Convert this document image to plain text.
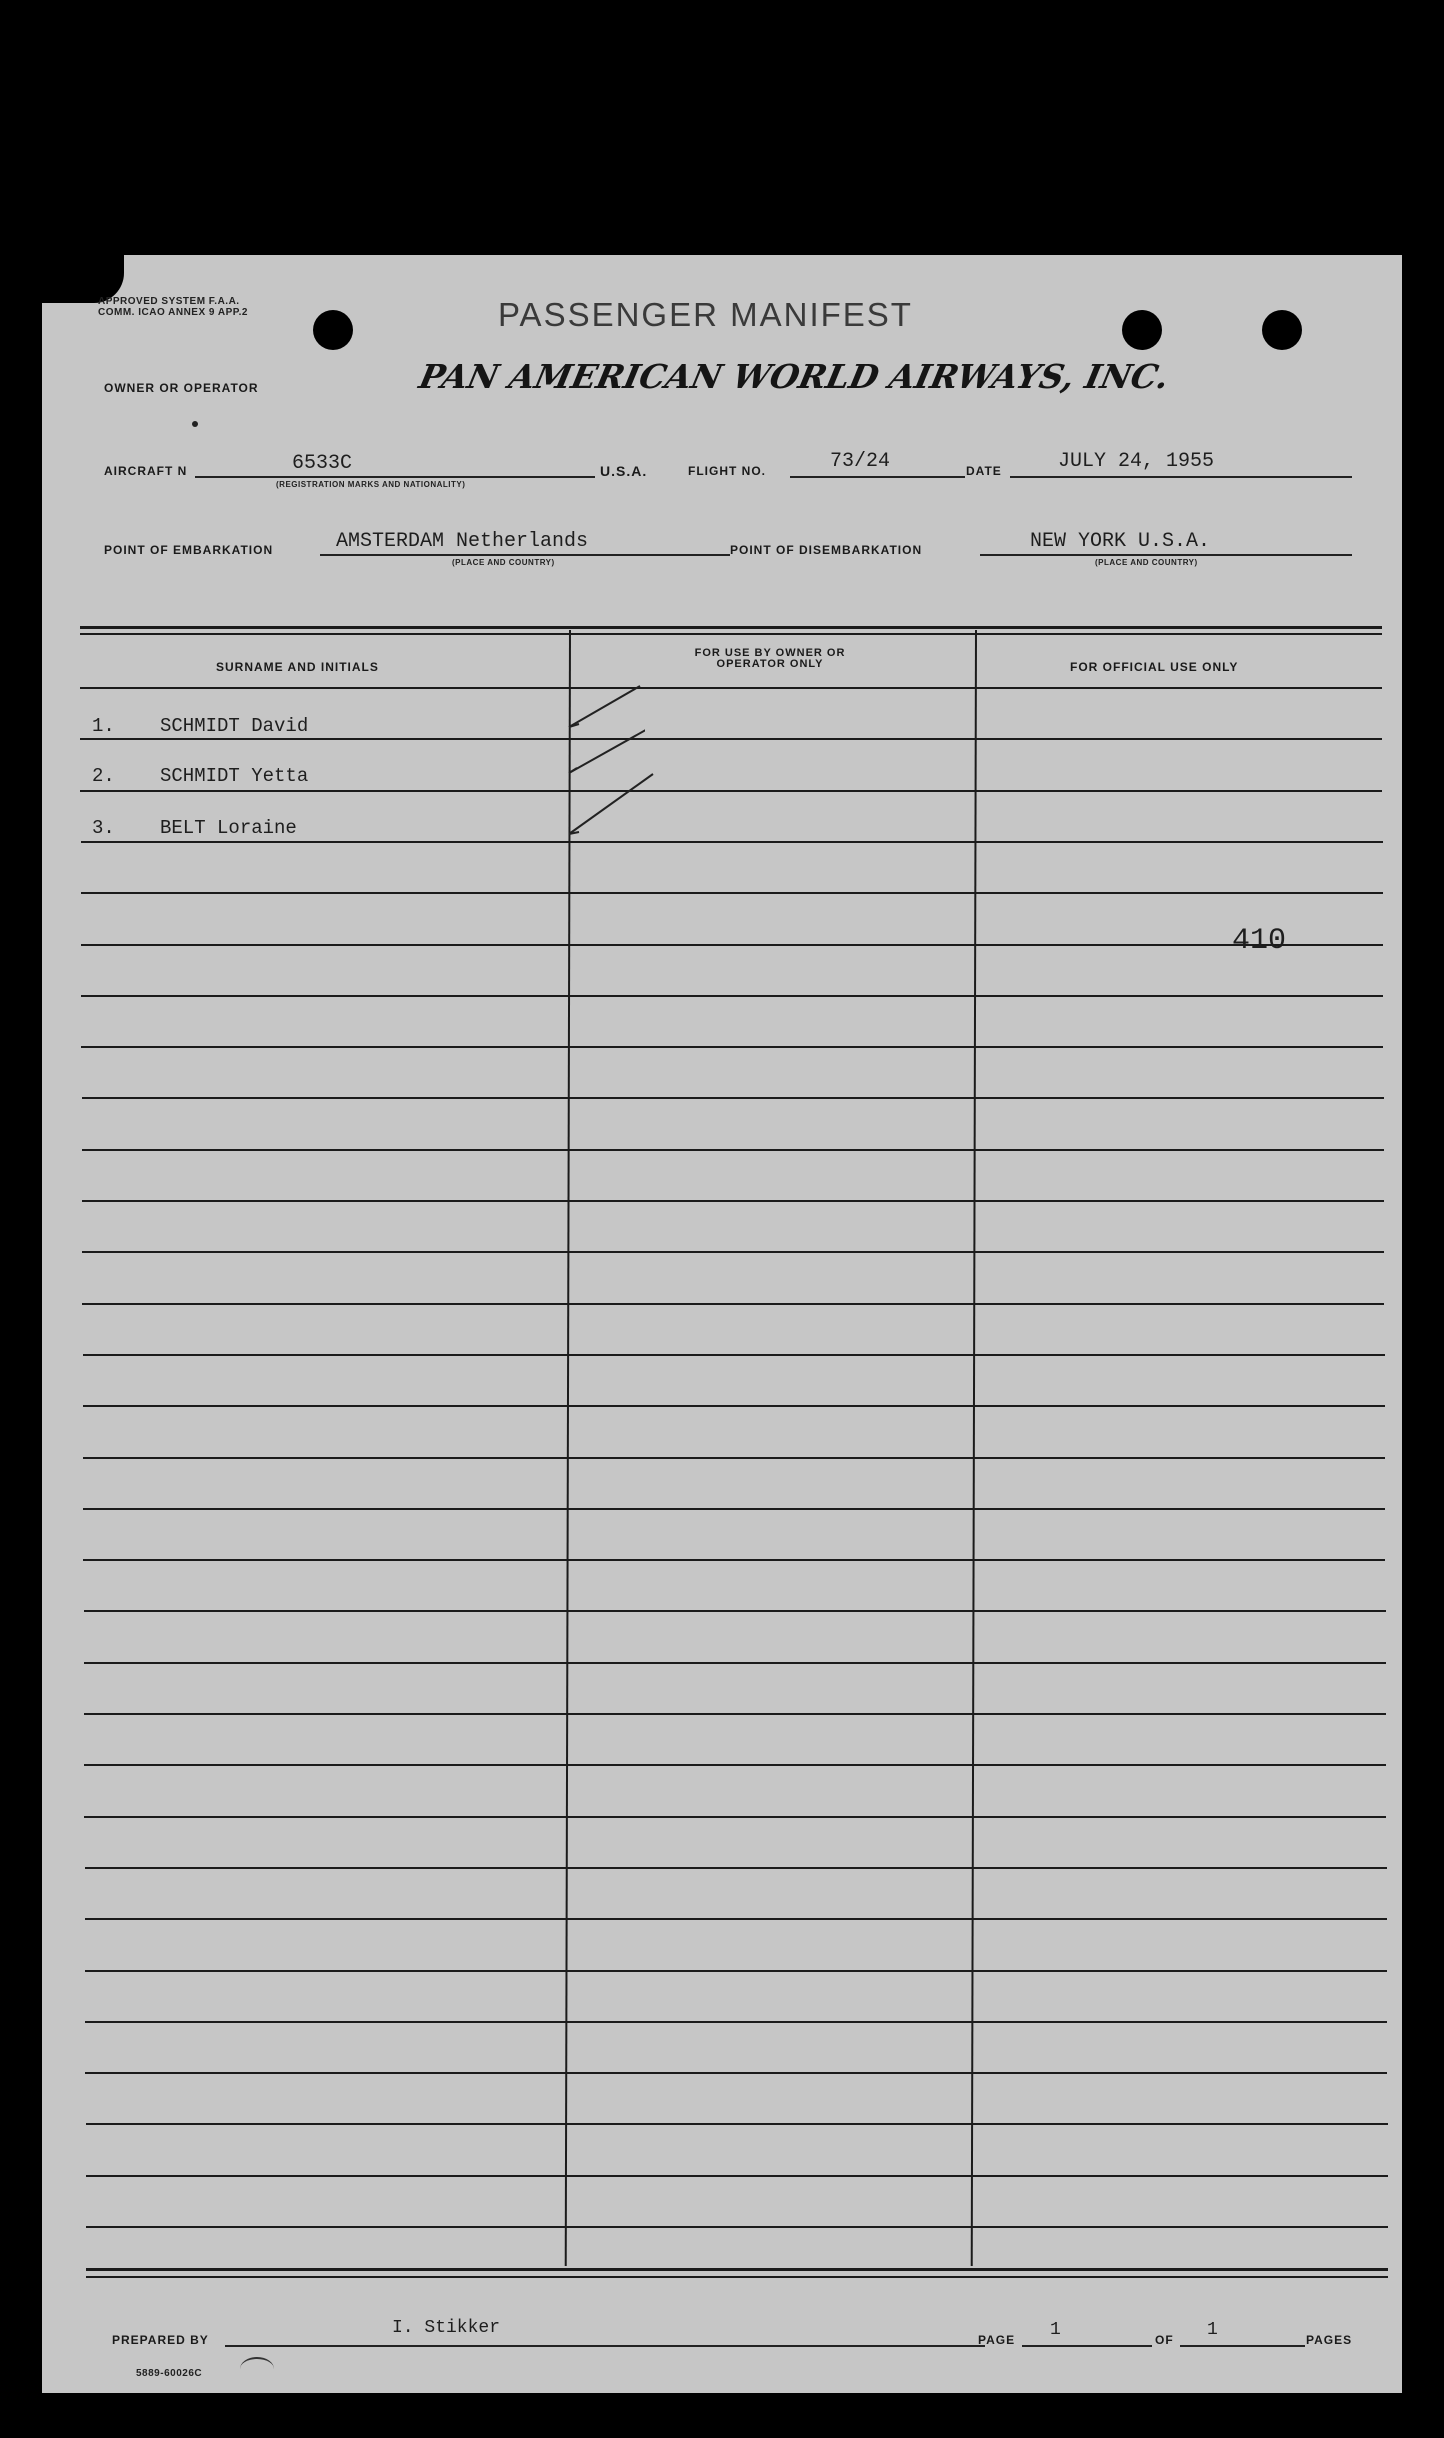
APPROVED SYSTEM F.A.A. COMM. ICAO ANNEX 9 APP.2	PASSENGER MANIFEST
OWNER OR OPERATOR	PAN AMERICAN WORLD AIRWAYS, INC.
AIRCRAFT N	6533C
(REGISTRATION MARKS AND NATIONALITY)
U.S.A.	FLIGHT NO.	73/24	DATE	JULY 24, 1955
POINT OF EMBARKATION	AMSTERDAM Netherlands
(PLACE AND COUNTRY)
POINT OF DISEMBARKATION	NEW YORK U.S.A.
(PLACE AND COUNTRY)
SURNAME AND INITIALS
FOR USE BY OWNER OR OPERATOR ONLY	FOR OFFICIAL USE ONLY
1. SCHMIDT David
2. SCHMIDT Yetta
3. BELT Loraine
410
PREPARED BY
I. Stikker
PAGE 1	OF 1	PAGES
5889-60026C
